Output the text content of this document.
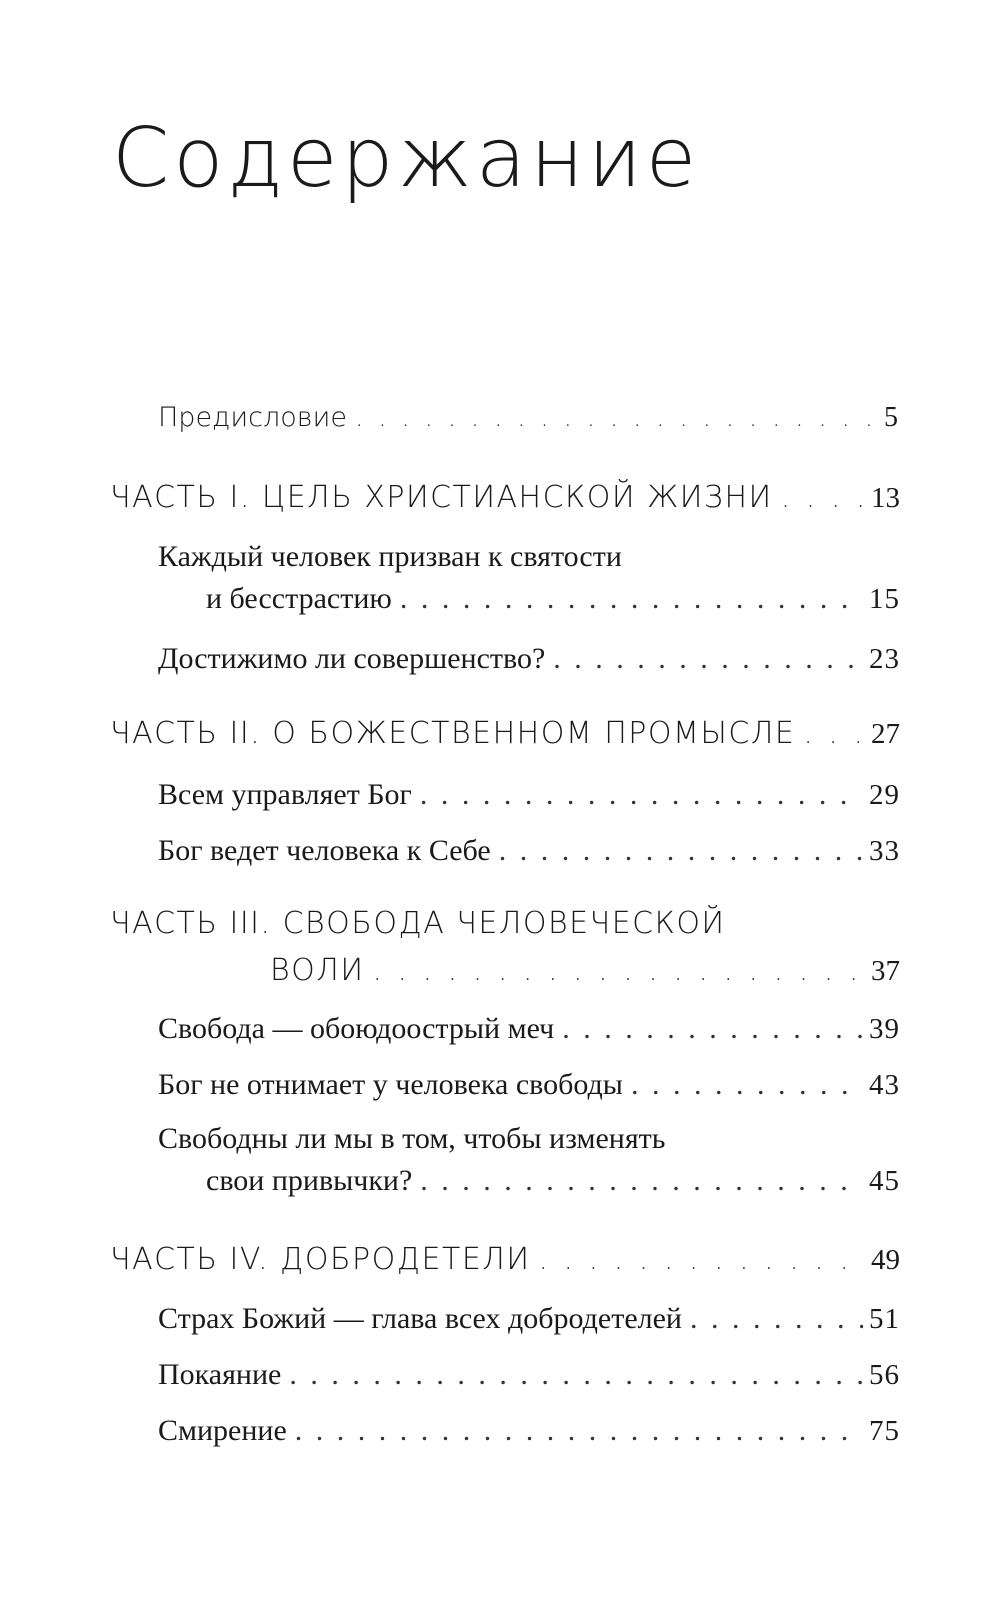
Содержание
Предисловие . . .	5
ЧАСТЬ I. ЦЕЛЬ ХРИСТИАНСКОЙ ЖИЗНИ . . .	13
Каждый человек призван к святости
и бесстрастию . . .	15
Достижимо ли совершенство? . . .	23
ЧАСТЬ II. О БОЖЕСТВЕННОМ ПРОМЫСЛЕ . . .	27
Всем управляет Бог . . .	29
Бог ведет человека к Себе . . .	33
ЧАСТЬ III. СВОБОДА ЧЕЛОВЕЧЕСКОЙ
ВОЛИ . . .	37
Свобода — обоюдоострый меч . . .	39
Бог не отнимает у человека свободы . . .	43
Свободны ли мы в том, чтобы изменять
свои привычки? . . .	45
ЧАСТЬ IV. ДОБРОДЕТЕЛИ . . .	49
Страх Божий — глава всех добродетелей . . .	51
Покаяние . . .	56
Смирение . . .	75
